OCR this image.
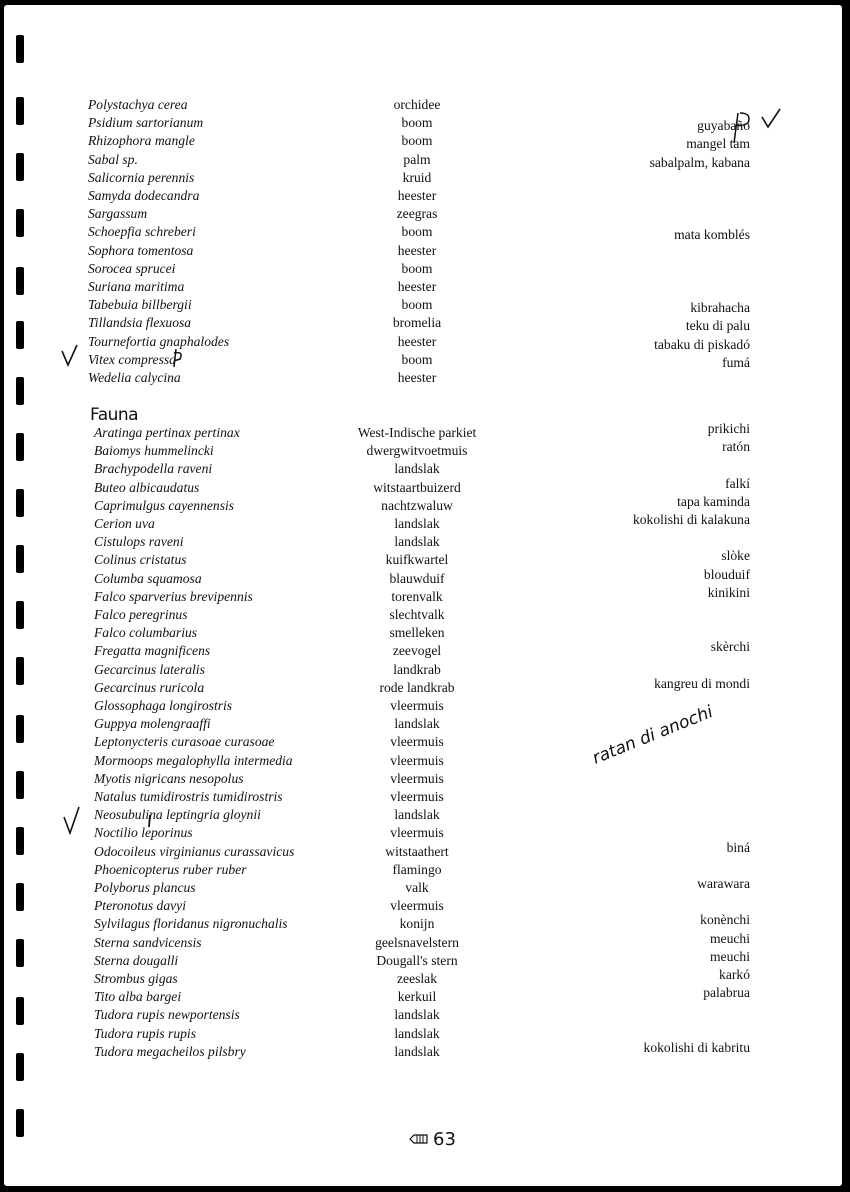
Polystachya cerea	orchidee
Psidium sartorianum	boom	guyabaño
Rhizophora mangle	boom	mangel tam
Sabal sp.	palm	sabalpalm, kabana
Salicornia perennis	kruid
Samyda dodecandra	heester
Sargassum	zeegras
Schoepfia schreberi	boom	mata komblés
Sophora tomentosa	heester
Sorocea sprucei	boom
Suriana maritima	heester
Tabebuia billbergii	boom	kibrahacha
Tillandsia flexuosa	bromelia	teku di palu
Tournefortia gnaphalodes	heester	tabaku di piskadó
Vitex compressa	boom	fumá
Wedelia calycina	heester
Fauna
Aratinga pertinax pertinax	West-Indische parkiet	prikichi
Baiomys hummelincki	dwergwitvoetmuis	ratón
Brachypodella raveni	landslak
Buteo albicaudatus	witstaartbuizerd	falkí
Caprimulgus cayennensis	nachtzwaluw	tapa kaminda
Cerion uva	landslak	kokolishi di kalakuna
Cistulops raveni	landslak
Colinus cristatus	kuifkwartel	slòke
Columba squamosa	blauwduif	blouduif
Falco sparverius brevipennis	torenvalk	kinikini
Falco peregrinus	slechtvalk
Falco columbarius	smelleken
Fregatta magnificens	zeevogel	skèrchi
Gecarcinus lateralis	landkrab
Gecarcinus ruricola	rode landkrab	kangreu di mondi
Glossophaga longirostris	vleermuis
Guppya molengraaffi	landslak
Leptonycteris curasoae curasoae	vleermuis
Mormoops megalophylla intermedia	vleermuis
Myotis nigricans nesopolus	vleermuis
Natalus tumidirostris tumidirostris	vleermuis
Neosubulina leptingria gloynii	landslak
Noctilio leporinus	vleermuis
Odocoileus virginianus curassavicus	witstaathert	biná
Phoenicopterus ruber ruber	flamingo
Polyborus plancus	valk	warawara
Pteronotus davyi	vleermuis
Sylvilagus floridanus nigronuchalis	konijn	konènchi
Sterna sandvicensis	geelsnavelstern	meuchi
Sterna dougalli	Dougall's stern	meuchi
Strombus gigas	zeeslak	karkó
Tito alba bargei	kerkuil	palabrua
Tudora rupis newportensis	landslak
Tudora rupis rupis	landslak
Tudora megacheilos pilsbry	landslak	kokolishi di kabritu
ratan di anochi
63
